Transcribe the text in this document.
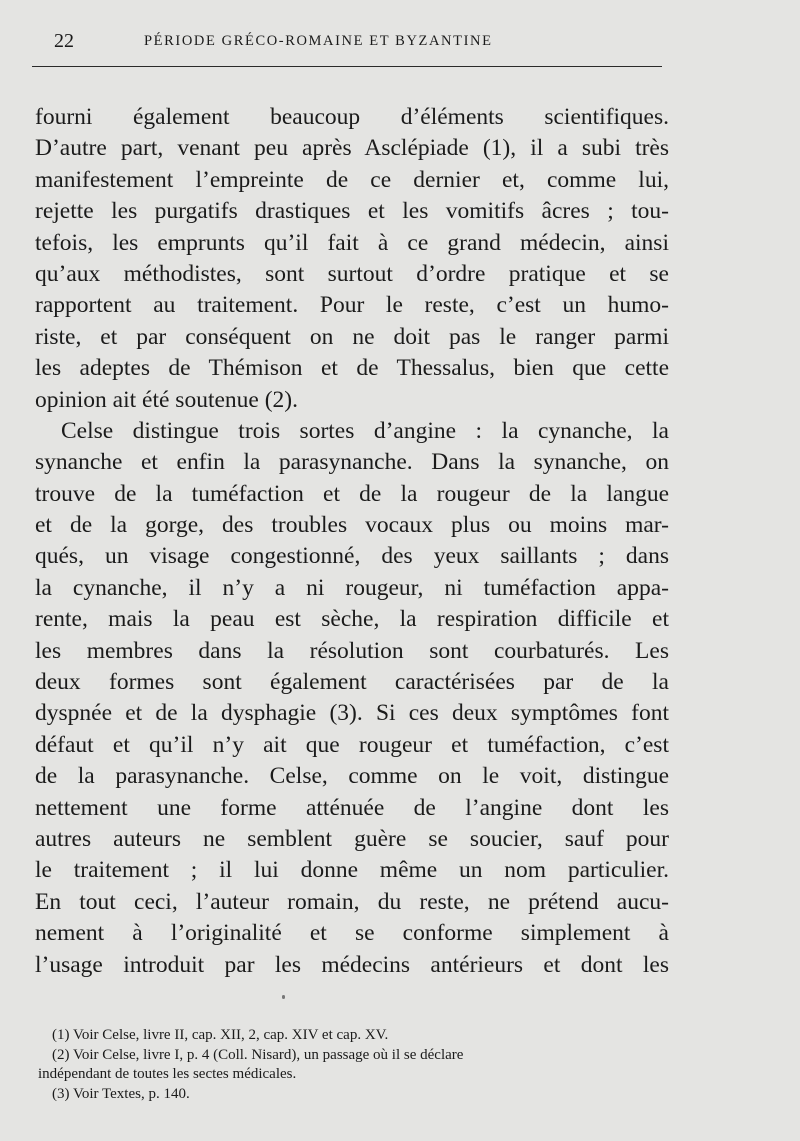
22	PÉRIODE GRÉCO-ROMAINE ET BYZANTINE
fourni également beaucoup d’éléments scientifiques.
D’autre part, venant peu après Asclépiade (1), il a subi très
manifestement l’empreinte de ce dernier et, comme lui,
rejette les purgatifs drastiques et les vomitifs âcres ; tou-
tefois, les emprunts qu’il fait à ce grand médecin, ainsi
qu’aux méthodistes, sont surtout d’ordre pratique et se
rapportent au traitement. Pour le reste, c’est un humo-
riste, et par conséquent on ne doit pas le ranger parmi
les adeptes de Thémison et de Thessalus, bien que cette
opinion ait été soutenue (2).
Celse distingue trois sortes d’angine : la cynanche, la
synanche et enfin la parasynanche. Dans la synanche, on
trouve de la tuméfaction et de la rougeur de la langue
et de la gorge, des troubles vocaux plus ou moins mar-
qués, un visage congestionné, des yeux saillants ; dans
la cynanche, il n’y a ni rougeur, ni tuméfaction appa-
rente, mais la peau est sèche, la respiration difficile et
les membres dans la résolution sont courbaturés. Les
deux formes sont également caractérisées par de la
dyspnée et de la dysphagie (3). Si ces deux symptômes font
défaut et qu’il n’y ait que rougeur et tuméfaction, c’est
de la parasynanche. Celse, comme on le voit, distingue
nettement une forme atténuée de l’angine dont les
autres auteurs ne semblent guère se soucier, sauf pour
le traitement ; il lui donne même un nom particulier.
En tout ceci, l’auteur romain, du reste, ne prétend aucu-
nement à l’originalité et se conforme simplement à
l’usage introduit par les médecins antérieurs et dont les
(1) Voir Celse, livre II, cap. XII, 2, cap. XIV et cap. XV.
(2) Voir Celse, livre I, p. 4 (Coll. Nisard), un passage où il se déclare
indépendant de toutes les sectes médicales.
(3) Voir Textes, p. 140.
